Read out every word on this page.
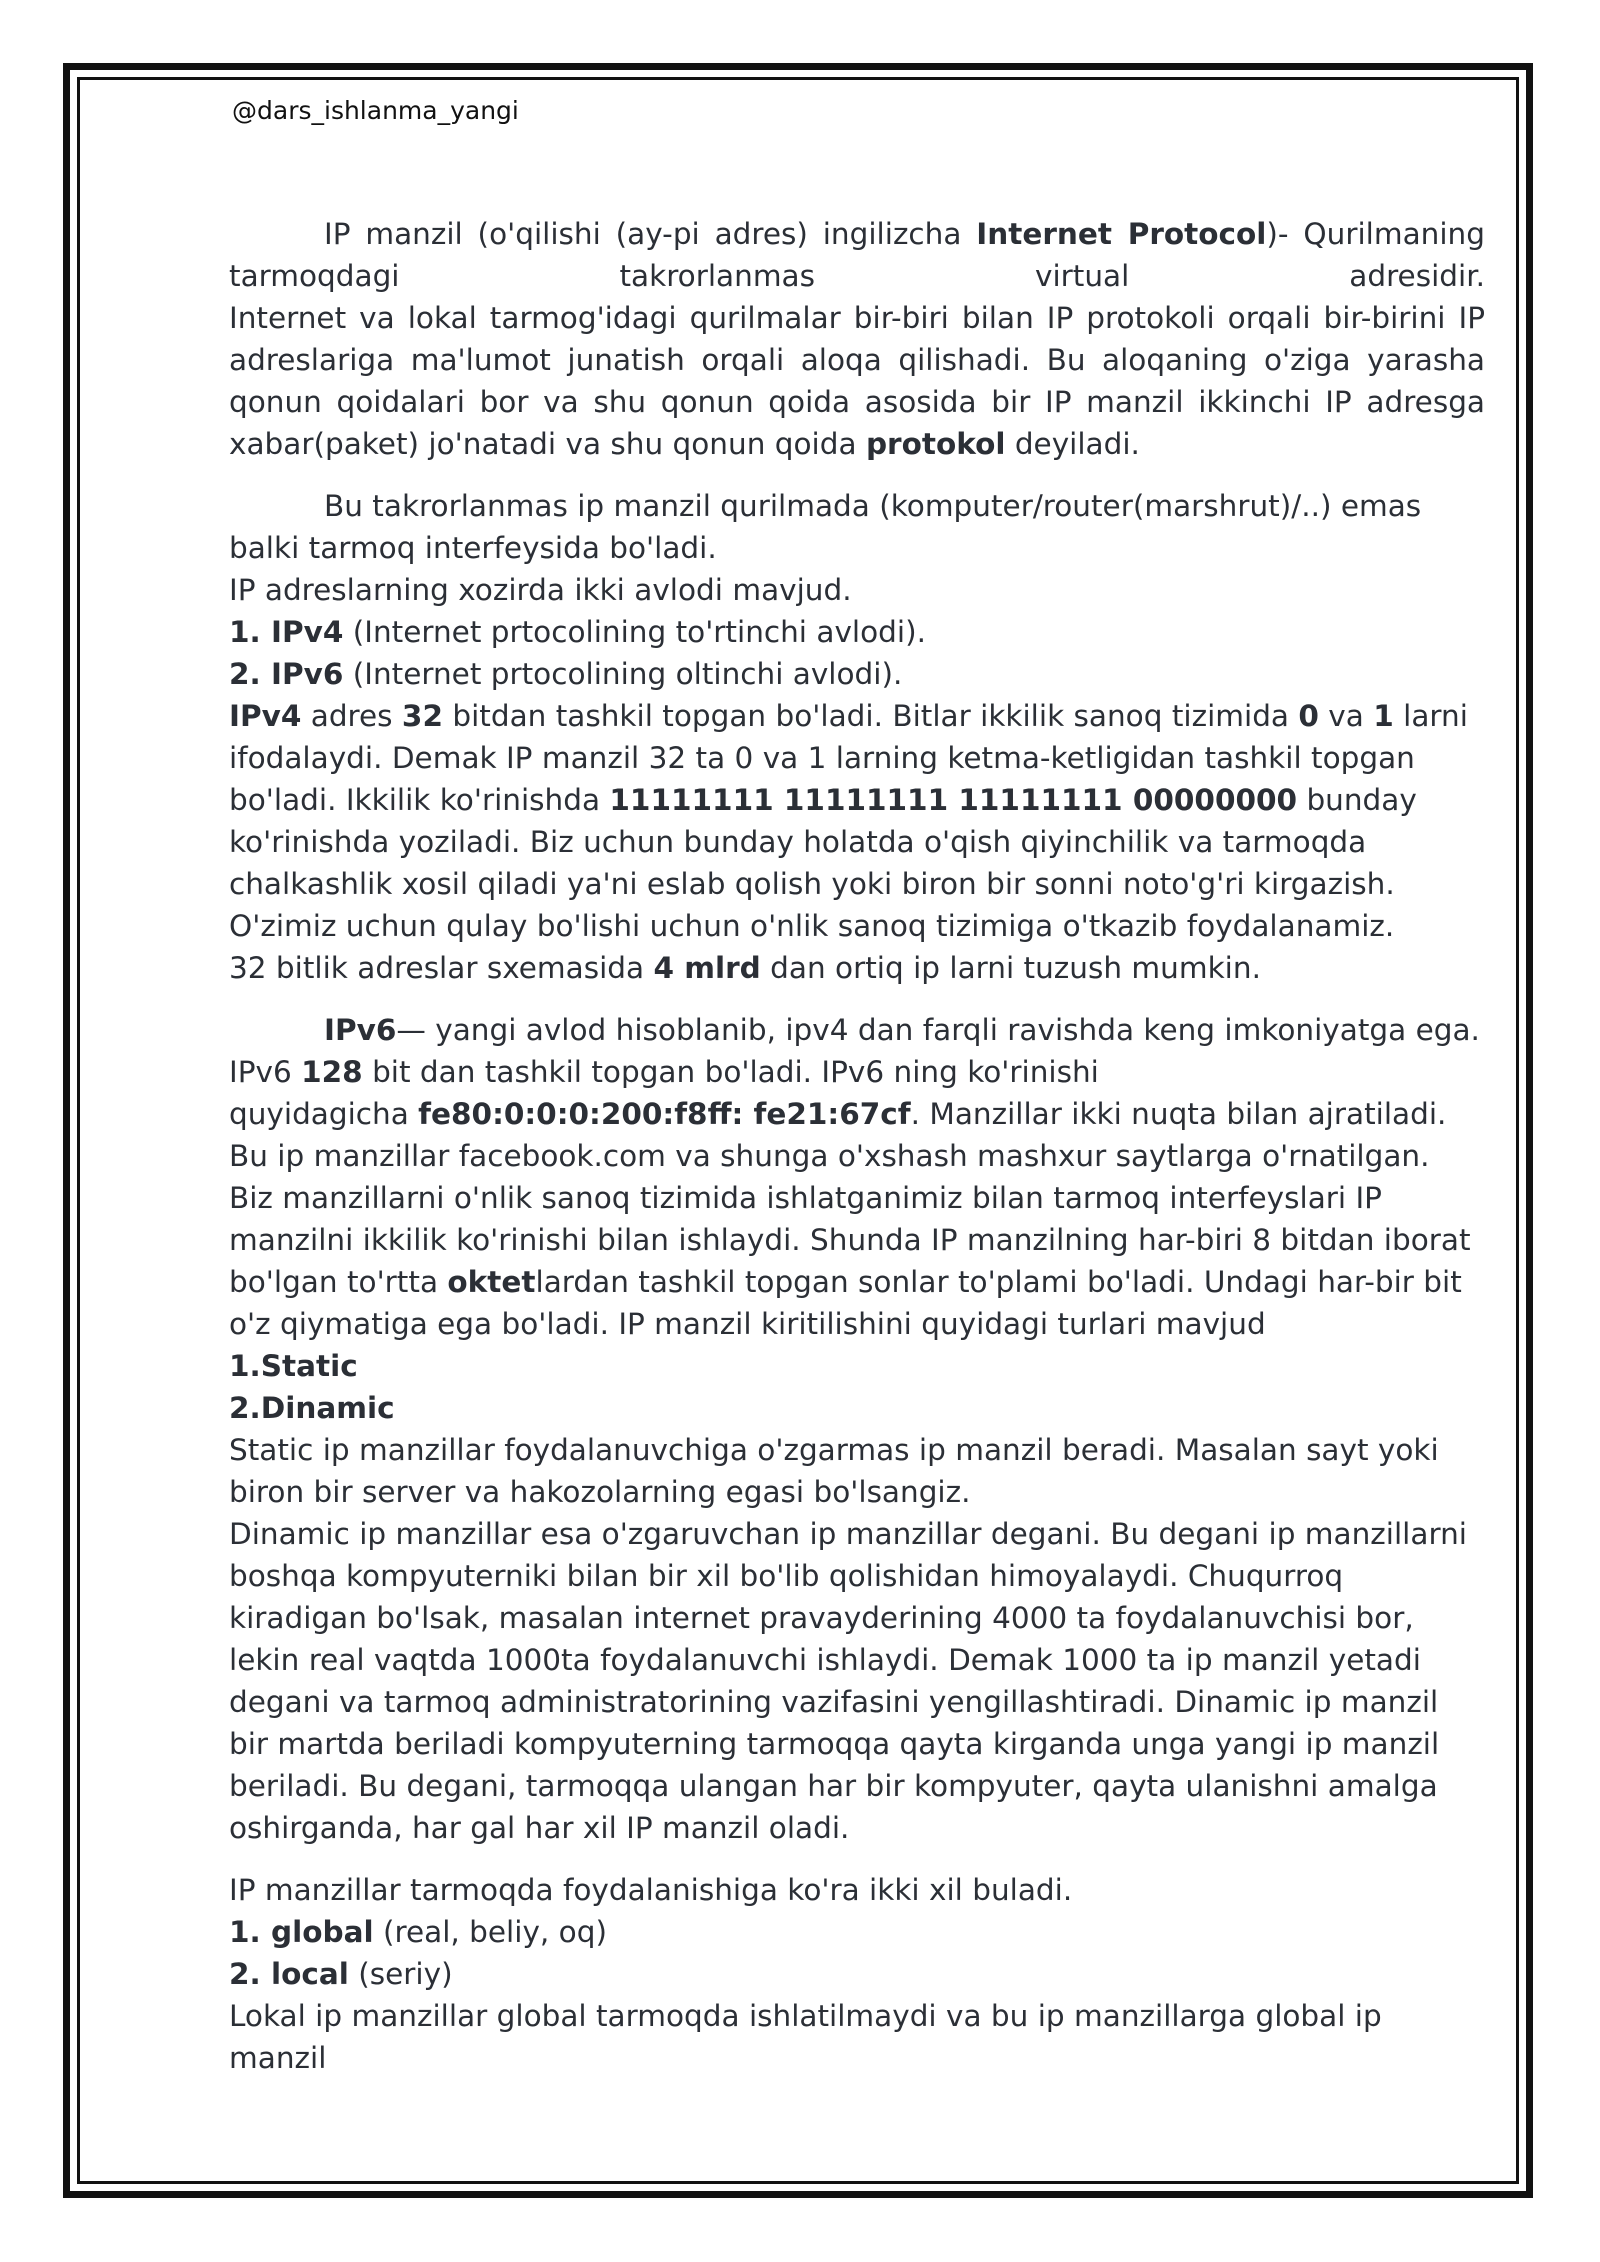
@dars_ishlanma_yangi

IP manzil (o'qilishi (ay-pi adres) ingilizcha Internet Protocol)- Qurilmaning

tarmoqdagi takrorlanmas virtual adresidir.

Internet va lokal tarmog'idagi qurilmalar bir-biri bilan IP protokoli orqali bir-birini IP adreslariga ma'lumot junatish orqali aloqa qilishadi. Bu aloqaning o'ziga yarasha qonun qoidalari bor va shu qonun qoida asosida bir IP manzil ikkinchi IP adresga xabar(paket) jo'natadi va shu qonun qoida protokol deyiladi.

Bu takrorlanmas ip manzil qurilmada (komputer/router(marshrut)/..) emas balki tarmoq interfeysida bo'ladi.

IP adreslarning xozirda ikki avlodi mavjud.

1. IPv4 (Internet prtocolining to'rtinchi avlodi).

2. IPv6 (Internet prtocolining oltinchi avlodi).

IPv4 adres 32 bitdan tashkil topgan bo'ladi. Bitlar ikkilik sanoq tizimida 0 va 1 larni ifodalaydi. Demak IP manzil 32 ta 0 va 1 larning ketma-ketligidan tashkil topgan bo'ladi. Ikkilik ko'rinishda 11111111 11111111 11111111 00000000 bunday ko'rinishda yoziladi. Biz uchun bunday holatda o'qish qiyinchilik va tarmoqda chalkashlik xosil qiladi ya'ni eslab qolish yoki biron bir sonni noto'g'ri kirgazish. O'zimiz uchun qulay bo'lishi uchun o'nlik sanoq tizimiga o'tkazib foydalanamiz.

32 bitlik adreslar sxemasida 4 mlrd dan ortiq ip larni tuzush mumkin.

IPv6— yangi avlod hisoblanib, ipv4 dan farqli ravishda keng imkoniyatga ega.

IPv6 128 bit dan tashkil topgan bo'ladi. IPv6 ning ko'rinishi

quyidagicha fe80:0:0:0:200:f8ff: fe21:67cf. Manzillar ikki nuqta bilan ajratiladi. Bu ip manzillar facebook.com va shunga o'xshash mashxur saytlarga o'rnatilgan.

Biz manzillarni o'nlik sanoq tizimida ishlatganimiz bilan tarmoq interfeyslari IP manzilni ikkilik ko'rinishi bilan ishlaydi. Shunda IP manzilning har-biri 8 bitdan iborat bo'lgan to'rtta oktetlardan tashkil topgan sonlar to'plami bo'ladi. Undagi har-bir bit o'z qiymatiga ega bo'ladi. IP manzil kiritilishini quyidagi turlari mavjud

1.Static

2.Dinamic

Static ip manzillar foydalanuvchiga o'zgarmas ip manzil beradi. Masalan sayt yoki biron bir server va hakozolarning egasi bo'lsangiz.

Dinamic ip manzillar esa o'zgaruvchan ip manzillar degani. Bu degani ip manzillarni boshqa kompyuterniki bilan bir xil bo'lib qolishidan himoyalaydi. Chuqurroq kiradigan bo'lsak, masalan internet pravayderining 4000 ta foydalanuvchisi bor, lekin real vaqtda 1000ta foydalanuvchi ishlaydi. Demak 1000 ta ip manzil yetadi degani va tarmoq administratorining vazifasini yengillashtiradi. Dinamic ip manzil bir martda beriladi kompyuterning tarmoqqa qayta kirganda unga yangi ip manzil beriladi. Bu degani, tarmoqqa ulangan har bir kompyuter, qayta ulanishni amalga oshirganda, har gal har xil IP manzil oladi.

IP manzillar tarmoqda foydalanishiga ko'ra ikki xil buladi.

1. global (real, beliy, oq)

2. local (seriy)

Lokal ip manzillar global tarmoqda ishlatilmaydi va bu ip manzillarga global ip manzil
